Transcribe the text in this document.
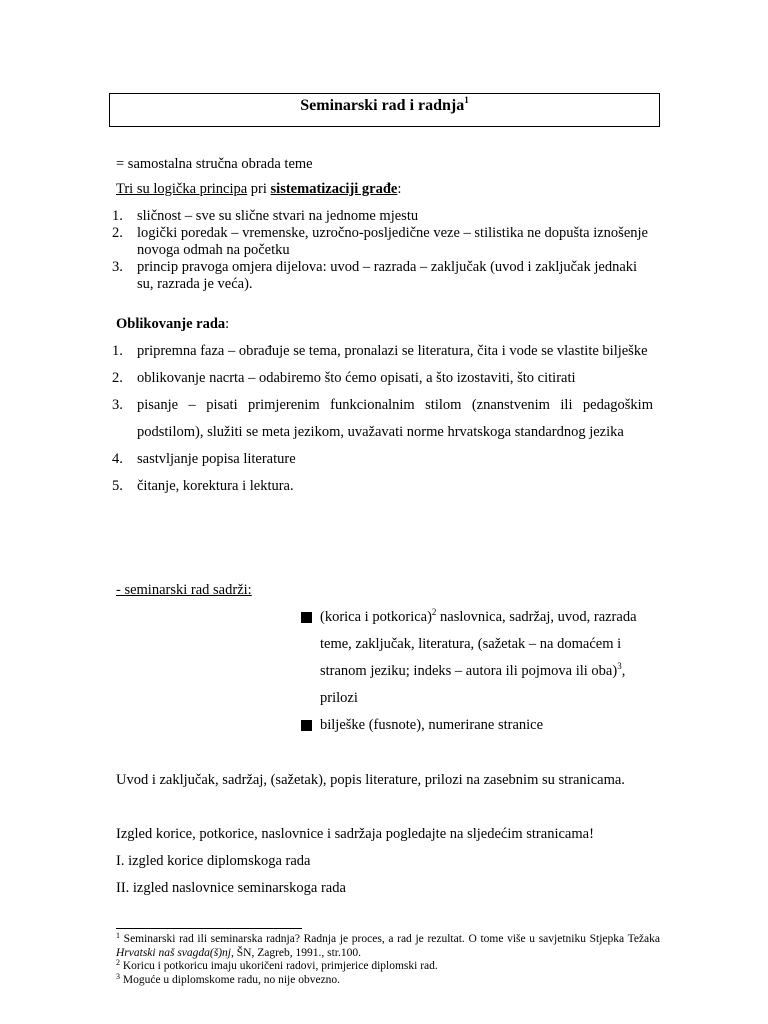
Seminarski rad i radnja$^1$
= samostalna stručna obrada teme
Tri su logička principa pri sistematizaciji građe:
1. sličnost – sve su slične stvari na jednome mjestu
2. logički poredak – vremenske, uzročno-posljedične veze – stilistika ne dopušta iznošenje novoga odmah na početku
3. princip pravoga omjera dijelova: uvod – razrada – zaključak (uvod i zaključak jednaki su, razrada je veća).
Oblikovanje rada:
1. pripremna faza – obrađuje se tema, pronalazi se literatura, čita i vode se vlastite bilješke
2. oblikovanje nacrta – odabiremo što ćemo opisati, a što izostaviti, što citirati
3. pisanje – pisati primjerenim funkcionalnim stilom (znanstvenim ili pedagoškim podstilom), služiti se meta jezikom, uvažavati norme hrvatskoga standardnog jezika
4. sastvljanje popisa literature
5. čitanje, korektura i lektura.
- seminarski rad sadrži:
(korica i potkorica)$^2$ naslovnica, sadržaj, uvod, razrada teme, zaključak, literatura, (sažetak – na domaćem i stranom jeziku; indeks – autora ili pojmova ili oba)$^3$, prilozi
bilješke (fusnote), numerirane stranice
Uvod i zaključak, sadržaj, (sažetak), popis literature, prilozi na zasebnim su stranicama.
Izgled korice, potkorice, naslovnice i sadržaja pogledajte na sljedećim stranicama!
I. izgled korice diplomskoga rada
II. izgled naslovnice seminarskoga rada
$^1$ Seminarski rad ili seminarska radnja? Radnja je proces, a rad je rezultat. O tome više u savjetniku Stjepka Težaka Hrvatski naš svagda(š)nj, ŠN, Zagreb, 1991., str.100.
$^2$ Koricu i potkoricu imaju ukoričeni radovi, primjerice diplomski rad.
$^3$ Moguće u diplomskome radu, no nije obvezno.
